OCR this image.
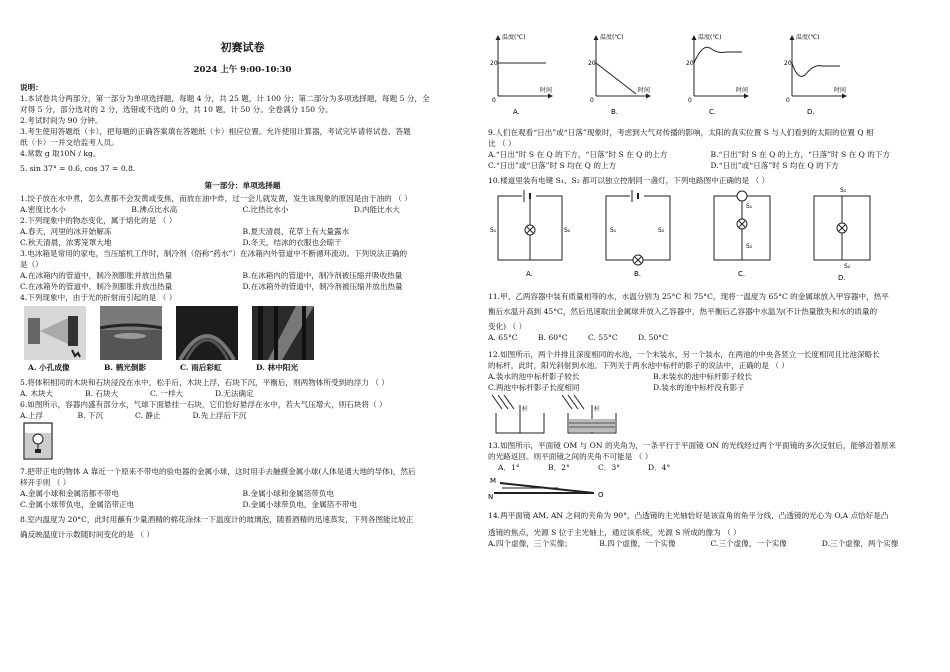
初赛试卷
2024 上午 9:00-10:30
说明：

1.本试卷共分两部分，第一部分为单项选择题，每题 4 分，共 25 题，计 100 分；第二部分为多项选择题，每题 5 分，全

对得 5 分，部分选对的 2 分，选错或不选的 0 分，共 10 题，计 50 分。全卷满分 150 分。

2.考试时间为 90 分钟。

3.考生使用答题纸（卡），把每题的正确答案填在答题纸（卡）相应位置。允许使用计算器，考试完毕请将试卷、答题

纸（卡）一并交给监考人员。

4.常数 g 取10N / kg。

5. sin 37° = 0.6, cos 37 = 0.8.

第一部分：单项选择题

1.饺子放在水中煮，怎么煮都不会发黄或变焦，而放在油中炸，过一会儿就发黄，发生该现象的原因是由于油的 （ ）

A.密度比水小	B.沸点比水高	C.比热比水小	D.内能比水大

2.下列现象中的物态变化，属于熔化的是 （ ）

A.春天，河里的冰开始解冻	B.夏天清晨，花草上有大量露水
C.秋天清晨，浓雾笼罩大地	D.冬天，结冰的衣服也会晾干

3.电冰箱是常用的家电，当压缩机工作时，制冷剂（俗称“药水”）在冰箱内外管道中不断循环流动。下列说法正确的

是（）

A.在冰箱内的管道中，制冷剂膨胀并放出热量	B.在冰箱内的管道中，制冷剂被压缩并吸收热量
C.在冰箱外的管道中，制冷剂膨胀并放出热量	D.在冰箱外的管道中，制冷剂被压缩并放出热量

4.下列现象中，由于光的折射而引起的是 （ ）

A. 小孔成像	B. 鹤光倒影	C. 雨后彩虹	D. 林中阳光

5.将体积相同的木块和石块浸没在水中，松手后，木块上浮，石块下沉，平衡后，则两物体所受到的浮力 （ ）

A. 木块大	B. 石块大	C. 一样大	D.无法确定

6.如图所示，容器内盛有部分水，气球下面悬挂一石块，它们恰好悬浮在水中，若大气压增大，则石块将（ ）

A.上浮	B. 下沉	C. 静止	D.先上浮后下沉

7.把带正电的物体 A 靠近一个原来不带电的验电器的金属小球，这时用手去触摸金属小球(人体是通大地的导体)，然后

移开手则 （ ）

A.金属小球和金属箔都不带电	B.金属小球和金属箔带负电
C.金属小球带负电，金属箔带正电	D.金属小球带负电，金属箔不带电

8.室内温度为 20°C，此时用蘸有少量酒精的棉花涂抹一下温度计的玻璃泡，随着酒精的迅速蒸发，下列各图能比较正

确反映温度计示数随时间变化的是 （ ）

温度(℃)
时间
20
0
A.
温度(℃)
时间
20
0
B.
温度(℃)
时间
20
0
C.
温度(℃)
时间
20
0
D.

9.人们在观看“日出”或“日落”现象时，考虑到大气对传播的影响，太阳的真实位置 S 与人们看到的太阳的位置 Q 相

比 （ ）

A.“日出”时 S 在 Q 的下方，“日落”时 S 在 Q 的上方	B.“日出”时 S 在 Q 的上方，“日落”时 S 在 Q 的下方
C.“日出”或“日落”时 S 均在 Q 的上方	D.“日出”或“日落”时 S 均在 Q 的下方

10.楼道里装有电键 S₁、S₂ 都可以独立控制同一盏灯，下列电路图中正确的是 （ ）

S₁	S₂
A.
S₁	S₂
B.
S₁
S₂
C.
S₁
S₂
D.

11.甲、乙两容器中装有质量相等的水，水温分别为 25°C 和 75°C，现将一温度为 65°C 的金属球放入甲容器中，热平

衡后水温升高到 45°C，然后迅速取出金属球并放入乙容器中，热平衡后乙容器中水温为(不计热量散失和水的质量的

变化) （ ）

A. 65°C	B. 60°C	C. 55°C	D. 50°C

12.如图所示，两个并排且深度相同的水池，一个未装水，另一个装水，在两池的中央各竖立一长度相同且比池深略长

的标杆，此时，阳光斜射到水池。下列关于两水池中标杆的影子的说法中，正确的是 （ ）

A.装水的池中标杆影子较长	B.未装水的池中标杆影子较长
C.两池中标杆影子长度相同	D.装水的池中标杆没有影子
杆	杆

13.如图所示，平面镜 OM 与 ON 的夹角为，一条平行于平面镜 ON 的光线经过两个平面镜的多次反射后，能够沿着原来

的光路返回。则平面镜之间的夹角不可能是 （ ）

A．1°	B．2°	C．3°	D．4°
M
N	O

14.两平面镜 AM, AN 之间的夹角为 90°，凸透镜的主光轴恰好是该直角的角平分线，凸透镜的光心为 O,A 点恰好是凸

透镜的焦点，光源 S 位于主光轴上，通过该系统，光源 S 所成的像为 （ ）

A.四个虚像，三个实像；	B.四个虚像，一个实像	C.三个虚像，一个实像	D.三个虚像，两个实像
